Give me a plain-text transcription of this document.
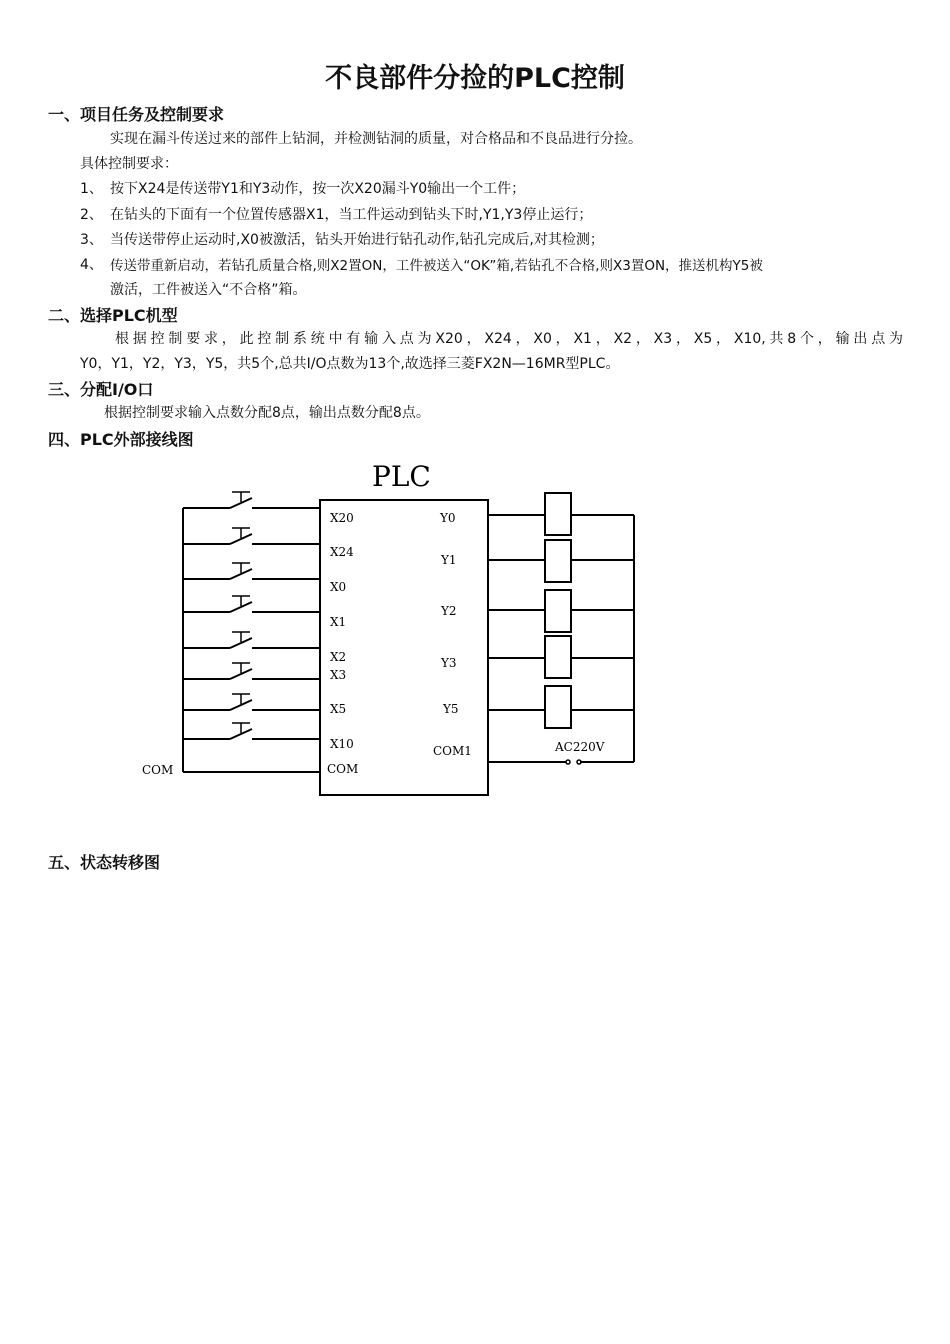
不良部件分捡的PLC控制
一、项目任务及控制要求
实现在漏斗传送过来的部件上钻洞，并检测钻洞的质量，对合格品和不良品进行分捡。
具体控制要求：
1、 按下X24是传送带Y1和Y3动作，按一次X20漏斗Y0输出一个工件；
2、 在钻头的下面有一个位置传感器X1，当工件运动到钻头下时,Y1,Y3停止运行；
3、 当传送带停止运动时,X0被激活，钻头开始进行钻孔动作,钻孔完成后,对其检测；
4、 传送带重新启动，若钻孔质量合格,则X2置ON，工件被送入“OK”箱,若钻孔不合格,则X3置ON，推送机构Y5被
激活，工件被送入“不合格”箱。
二、选择PLC机型
根据控制要求，此控制系统中有输入点为X20，X24，X0，X1，X2，X3，X5，X10,共8个，输出点为
Y0，Y1，Y2，Y3，Y5，共5个,总共I/O点数为13个,故选择三菱FX2N—16MR型PLC。
三、分配I/O口
根据控制要求输入点数分配8点，输出点数分配8点。
四、PLC外部接线图
PLC
X20
X24
X0
X1
X2
X3
X5
X10
COM
Y0
Y1
Y2
Y3
Y5
COM1
COM
AC220V
五、状态转移图
